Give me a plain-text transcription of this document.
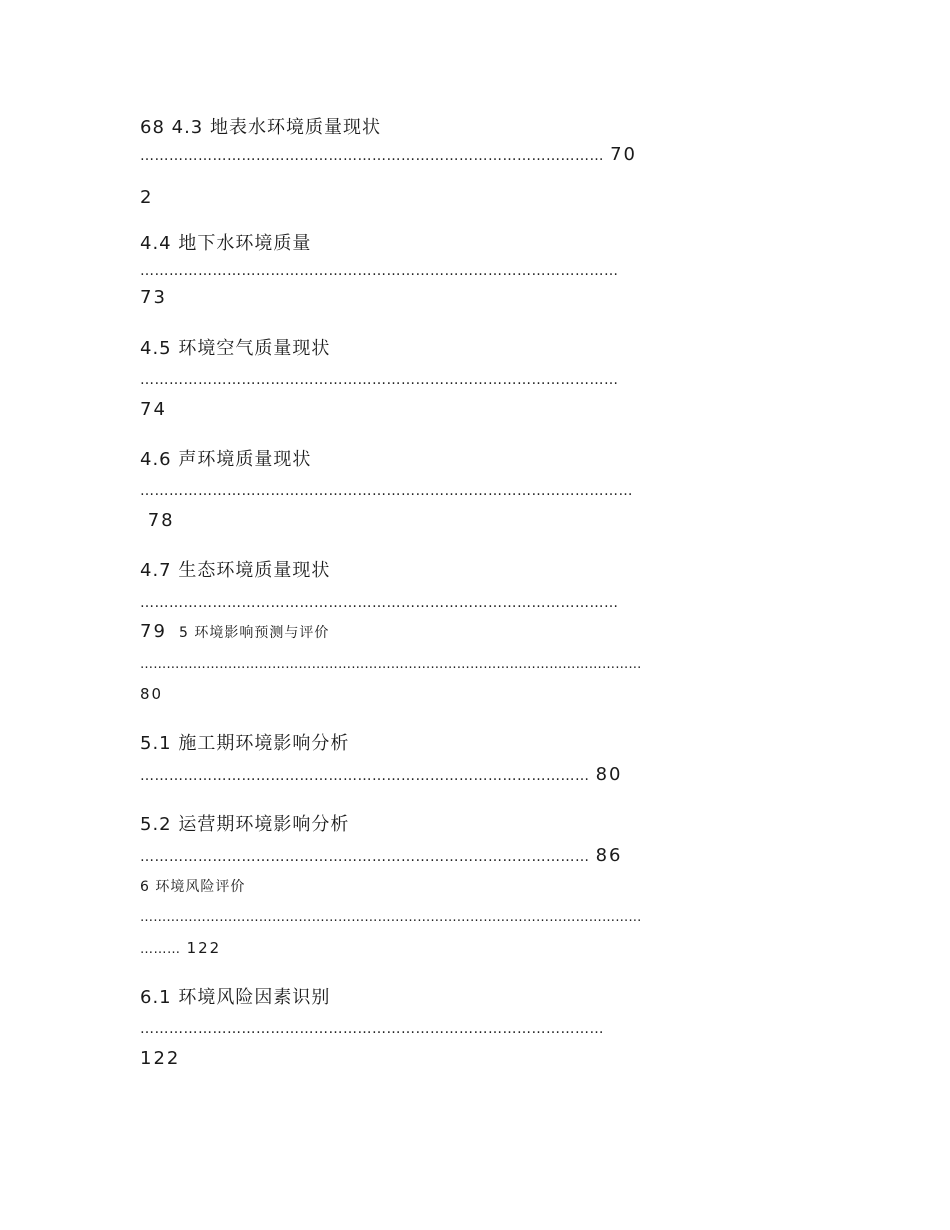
68 4.3 地表水环境质量现状
…………………………………………………………………………………… 70
2
4.4 地下水环境质量
………………………………………………………………………………………
73
4.5 环境空气质量现状
………………………………………………………………………………………
74
4.6 声环境质量现状
…………………………………………………………………………………………
78
4.7 生态环境质量现状
………………………………………………………………………………………
79 5 环境影响预测与评价
……………………………………………………………………………………………………
80
5.1 施工期环境影响分析
………………………………………………………………………………… 80
5.2 运营期环境影响分析
………………………………………………………………………………… 86
6 环境风险评价
……………………………………………………………………………………………………
……… 122
6.1 环境风险因素识别
……………………………………………………………………………………
122
